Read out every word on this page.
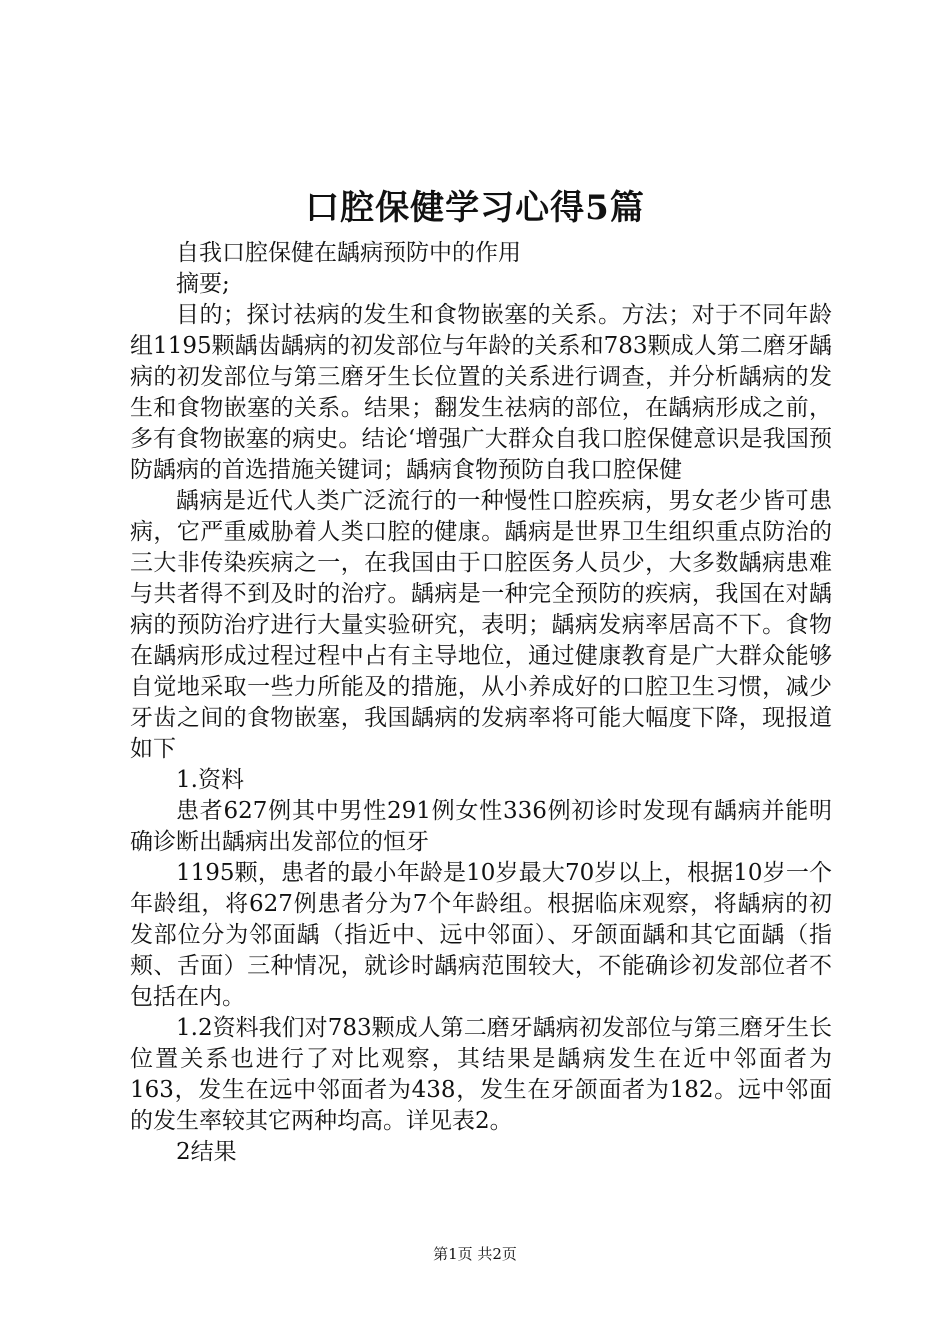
口腔保健学习心得5篇

自我口腔保健在龋病预防中的作用

摘要;

目的；探讨祛病的发生和食物嵌塞的关系。方法；对于不同年龄组1195颗龋齿龋病的初发部位与年龄的关系和783颗成人第二磨牙龋病的初发部位与第三磨牙生长位置的关系进行调查，并分析龋病的发生和食物嵌塞的关系。结果；翻发生祛病的部位，在龋病形成之前，多有食物嵌塞的病史。结论‘增强广大群众自我口腔保健意识是我国预防龋病的首选措施关键词；龋病食物预防自我口腔保健

龋病是近代人类广泛流行的一种慢性口腔疾病，男女老少皆可患病，它严重威胁着人类口腔的健康。龋病是世界卫生组织重点防治的三大非传染疾病之一，在我国由于口腔医务人员少，大多数龋病患难与共者得不到及时的治疗。龋病是一种完全预防的疾病，我国在对龋病的预防治疗进行大量实验研究，表明；龋病发病率居高不下。食物在龋病形成过程过程中占有主导地位，通过健康教育是广大群众能够自觉地采取一些力所能及的措施，从小养成好的口腔卫生习惯，减少牙齿之间的食物嵌塞，我国龋病的发病率将可能大幅度下降，现报道如下

1.资料

患者627例其中男性291例女性336例初诊时发现有龋病并能明确诊断出龋病出发部位的恒牙

1195颗，患者的最小年龄是10岁最大70岁以上，根据10岁一个年龄组，将627例患者分为7个年龄组。根据临床观察，将龋病的初发部位分为邻面龋（指近中、远中邻面）、牙颌面龋和其它面龋（指颊、舌面）三种情况，就诊时龋病范围较大，不能确诊初发部位者不包括在内。

1.2资料我们对783颗成人第二磨牙龋病初发部位与第三磨牙生长位置关系也进行了对比观察，其结果是龋病发生在近中邻面者为163，发生在远中邻面者为438，发生在牙颌面者为182。远中邻面的发生率较其它两种均高。详见表2。

2结果

第1页 共2页
